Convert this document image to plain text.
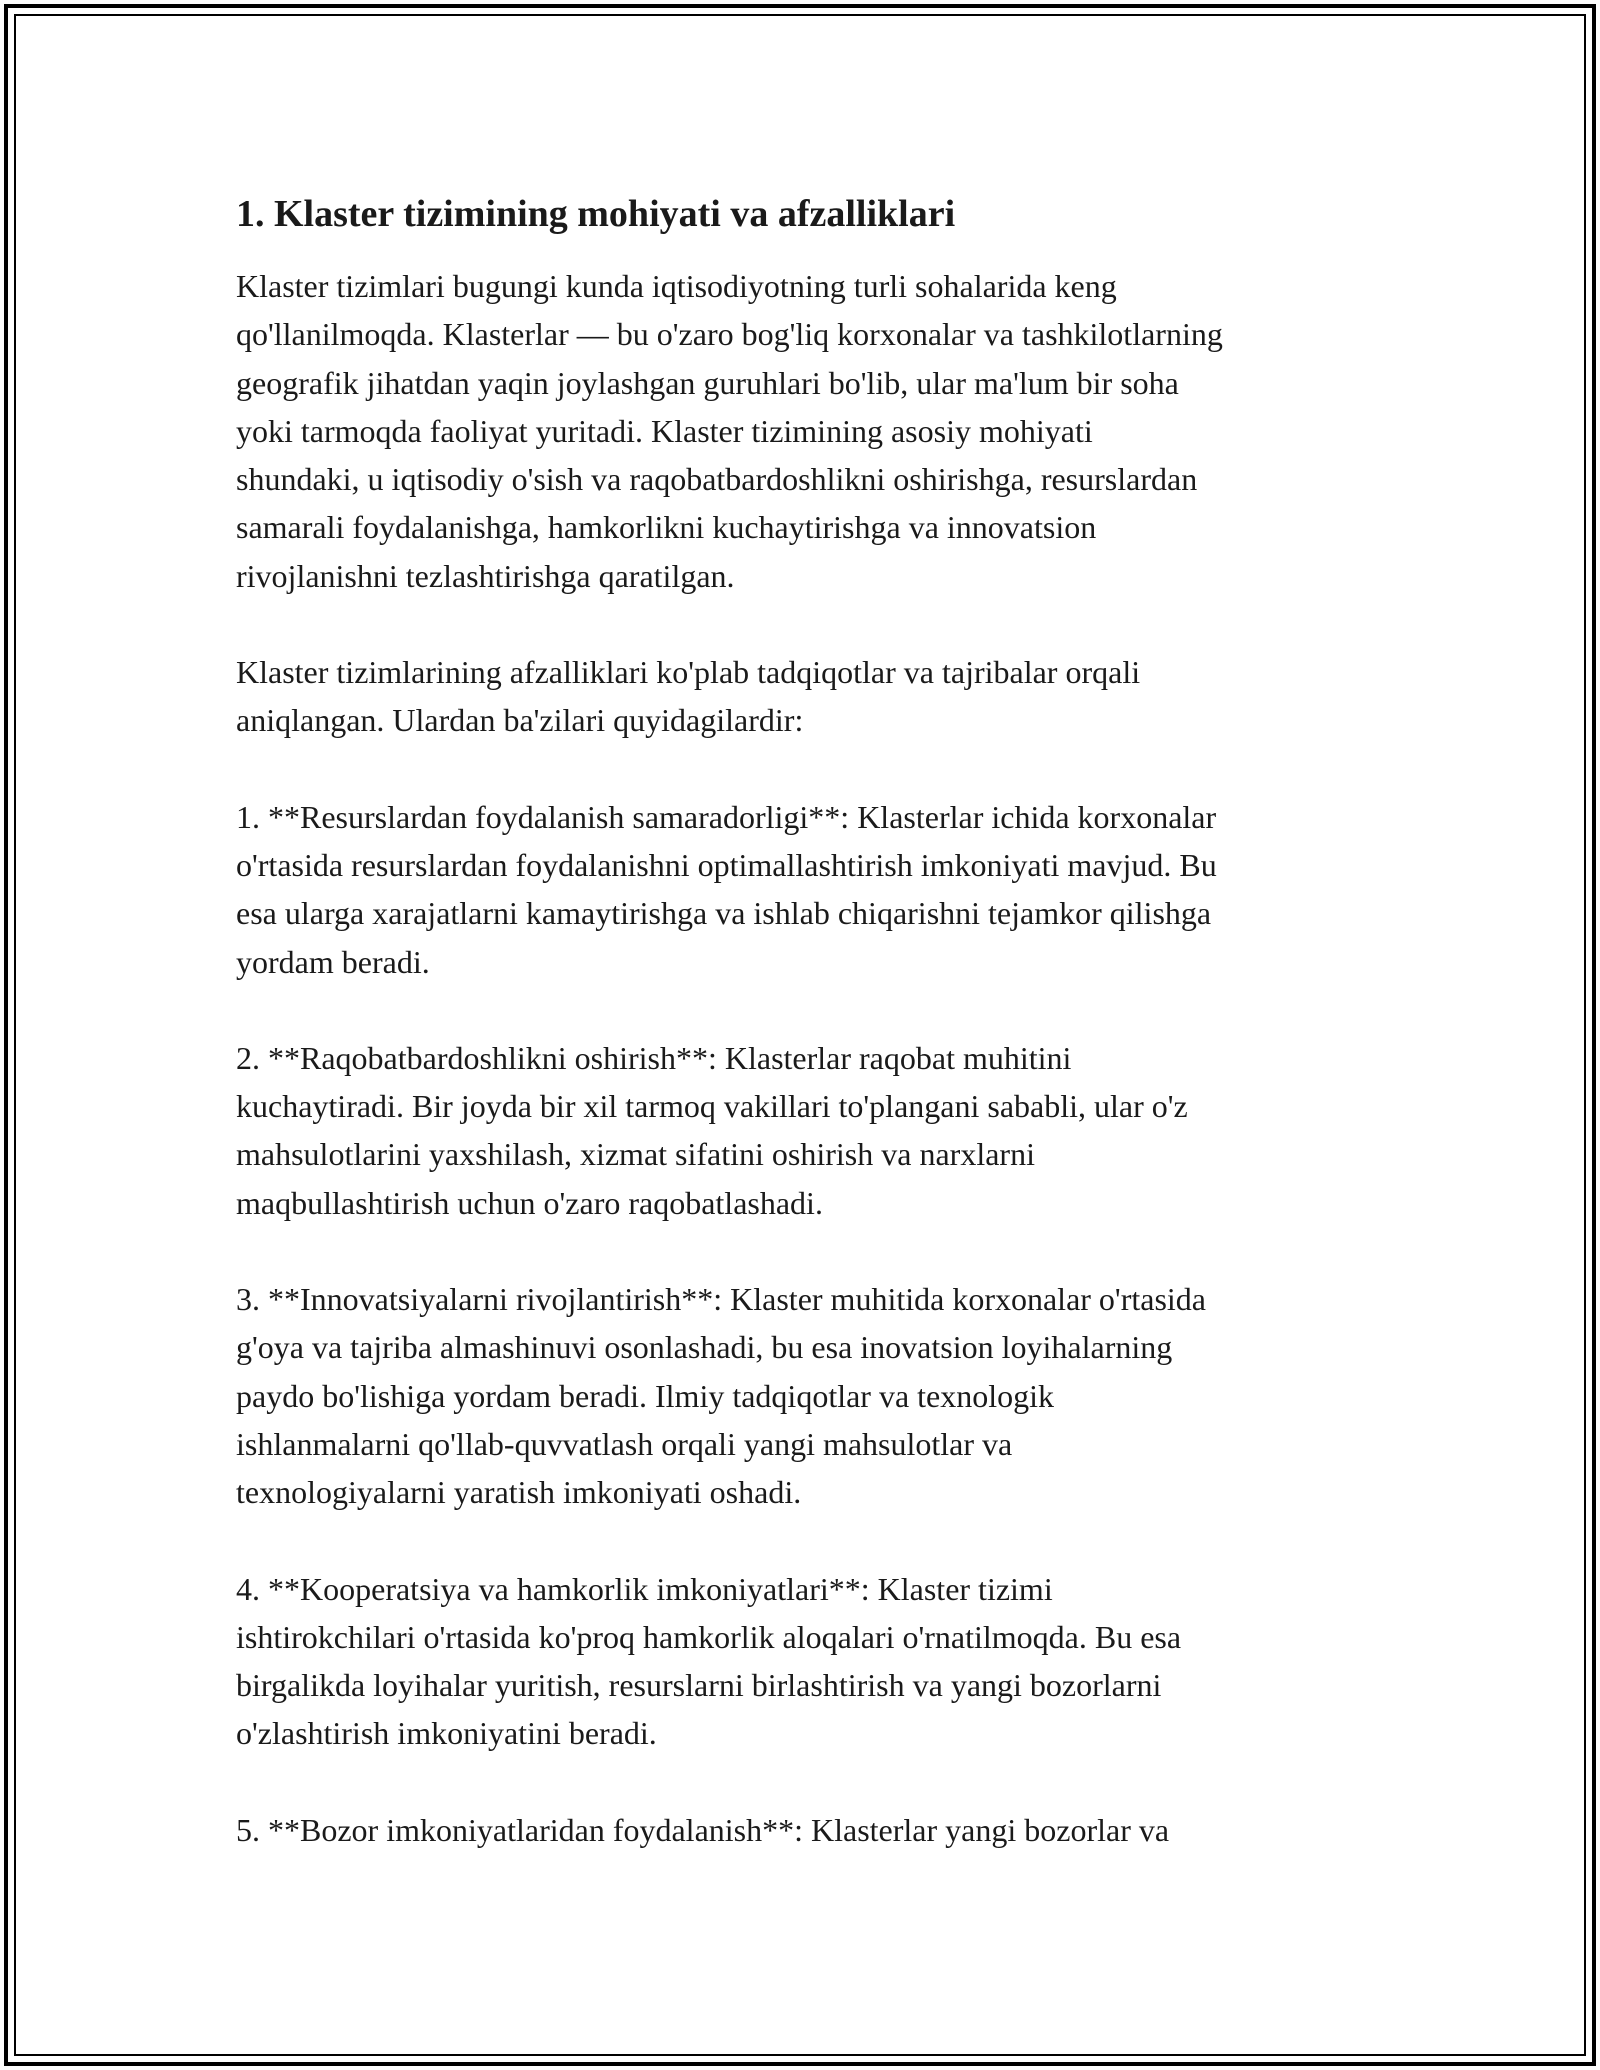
1. Klaster tizimining mohiyati va afzalliklari

Klaster tizimlari bugungi kunda iqtisodiyotning turli sohalarida keng
qo'llanilmoqda. Klasterlar — bu o'zaro bog'liq korxonalar va tashkilotlarning
geografik jihatdan yaqin joylashgan guruhlari bo'lib, ular ma'lum bir soha
yoki tarmoqda faoliyat yuritadi. Klaster tizimining asosiy mohiyati
shundaki, u iqtisodiy o'sish va raqobatbardoshlikni oshirishga, resurslardan
samarali foydalanishga, hamkorlikni kuchaytirishga va innovatsion
rivojlanishni tezlashtirishga qaratilgan.

Klaster tizimlarining afzalliklari ko'plab tadqiqotlar va tajribalar orqali
aniqlangan. Ulardan ba'zilari quyidagilardir:

1. **Resurslardan foydalanish samaradorligi**: Klasterlar ichida korxonalar
o'rtasida resurslardan foydalanishni optimallashtirish imkoniyati mavjud. Bu
esa ularga xarajatlarni kamaytirishga va ishlab chiqarishni tejamkor qilishga
yordam beradi.

2. **Raqobatbardoshlikni oshirish**: Klasterlar raqobat muhitini
kuchaytiradi. Bir joyda bir xil tarmoq vakillari to'plangani sababli, ular o'z
mahsulotlarini yaxshilash, xizmat sifatini oshirish va narxlarni
maqbullashtirish uchun o'zaro raqobatlashadi.

3. **Innovatsiyalarni rivojlantirish**: Klaster muhitida korxonalar o'rtasida
g'oya va tajriba almashinuvi osonlashadi, bu esa inovatsion loyihalarning
paydo bo'lishiga yordam beradi. Ilmiy tadqiqotlar va texnologik
ishlanmalarni qo'llab-quvvatlash orqali yangi mahsulotlar va
texnologiyalarni yaratish imkoniyati oshadi.

4. **Kooperatsiya va hamkorlik imkoniyatlari**: Klaster tizimi
ishtirokchilari o'rtasida ko'proq hamkorlik aloqalari o'rnatilmoqda. Bu esa
birgalikda loyihalar yuritish, resurslarni birlashtirish va yangi bozorlarni
o'zlashtirish imkoniyatini beradi.

5. **Bozor imkoniyatlaridan foydalanish**: Klasterlar yangi bozorlar va
